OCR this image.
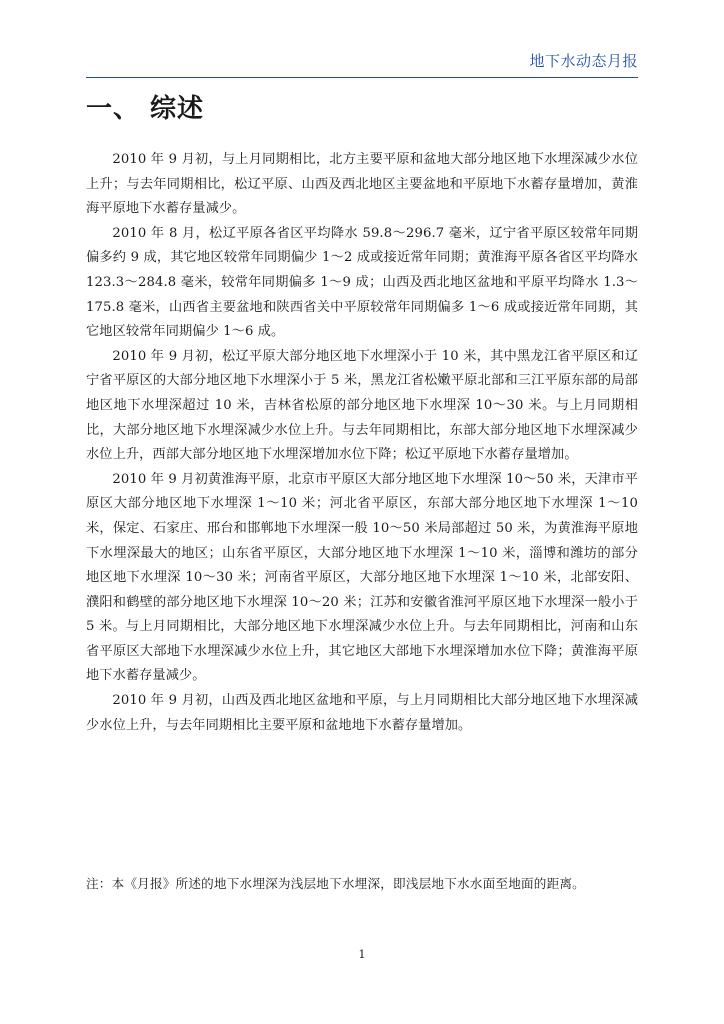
地下水动态月报
一、 综述

2010 年 9 月初，与上月同期相比，北方主要平原和盆地大部分地区地下水埋深减少水位上升；与去年同期相比，松辽平原、山西及西北地区主要盆地和平原地下水蓄存量增加，黄淮海平原地下水蓄存量减少。

2010 年 8 月，松辽平原各省区平均降水 59.8～296.7 毫米，辽宁省平原区较常年同期偏多约 9 成，其它地区较常年同期偏少 1～2 成或接近常年同期；黄淮海平原各省区平均降水 123.3～284.8 毫米，较常年同期偏多 1～9 成；山西及西北地区盆地和平原平均降水 1.3～175.8 毫米，山西省主要盆地和陕西省关中平原较常年同期偏多 1～6 成或接近常年同期，其它地区较常年同期偏少 1～6 成。

2010 年 9 月初，松辽平原大部分地区地下水埋深小于 10 米，其中黑龙江省平原区和辽宁省平原区的大部分地区地下水埋深小于 5 米，黑龙江省松嫩平原北部和三江平原东部的局部地区地下水埋深超过 10 米，吉林省松原的部分地区地下水埋深 10～30 米。与上月同期相比，大部分地区地下水埋深减少水位上升。与去年同期相比，东部大部分地区地下水埋深减少水位上升，西部大部分地区地下水埋深增加水位下降；松辽平原地下水蓄存量增加。

2010 年 9 月初黄淮海平原，北京市平原区大部分地区地下水埋深 10～50 米，天津市平原区大部分地区地下水埋深 1～10 米；河北省平原区，东部大部分地区地下水埋深 1～10 米，保定、石家庄、邢台和邯郸地下水埋深一般 10～50 米局部超过 50 米，为黄淮海平原地下水埋深最大的地区；山东省平原区，大部分地区地下水埋深 1～10 米，淄博和潍坊的部分地区地下水埋深 10～30 米；河南省平原区，大部分地区地下水埋深 1～10 米，北部安阳、濮阳和鹤壁的部分地区地下水埋深 10～20 米；江苏和安徽省淮河平原区地下水埋深一般小于 5 米。与上月同期相比，大部分地区地下水埋深减少水位上升。与去年同期相比，河南和山东省平原区大部地下水埋深减少水位上升，其它地区大部地下水埋深增加水位下降；黄淮海平原地下水蓄存量减少。

2010 年 9 月初，山西及西北地区盆地和平原，与上月同期相比大部分地区地下水埋深减少水位上升，与去年同期相比主要平原和盆地地下水蓄存量增加。

注：本《月报》所述的地下水埋深为浅层地下水埋深，即浅层地下水水面至地面的距离。

1
